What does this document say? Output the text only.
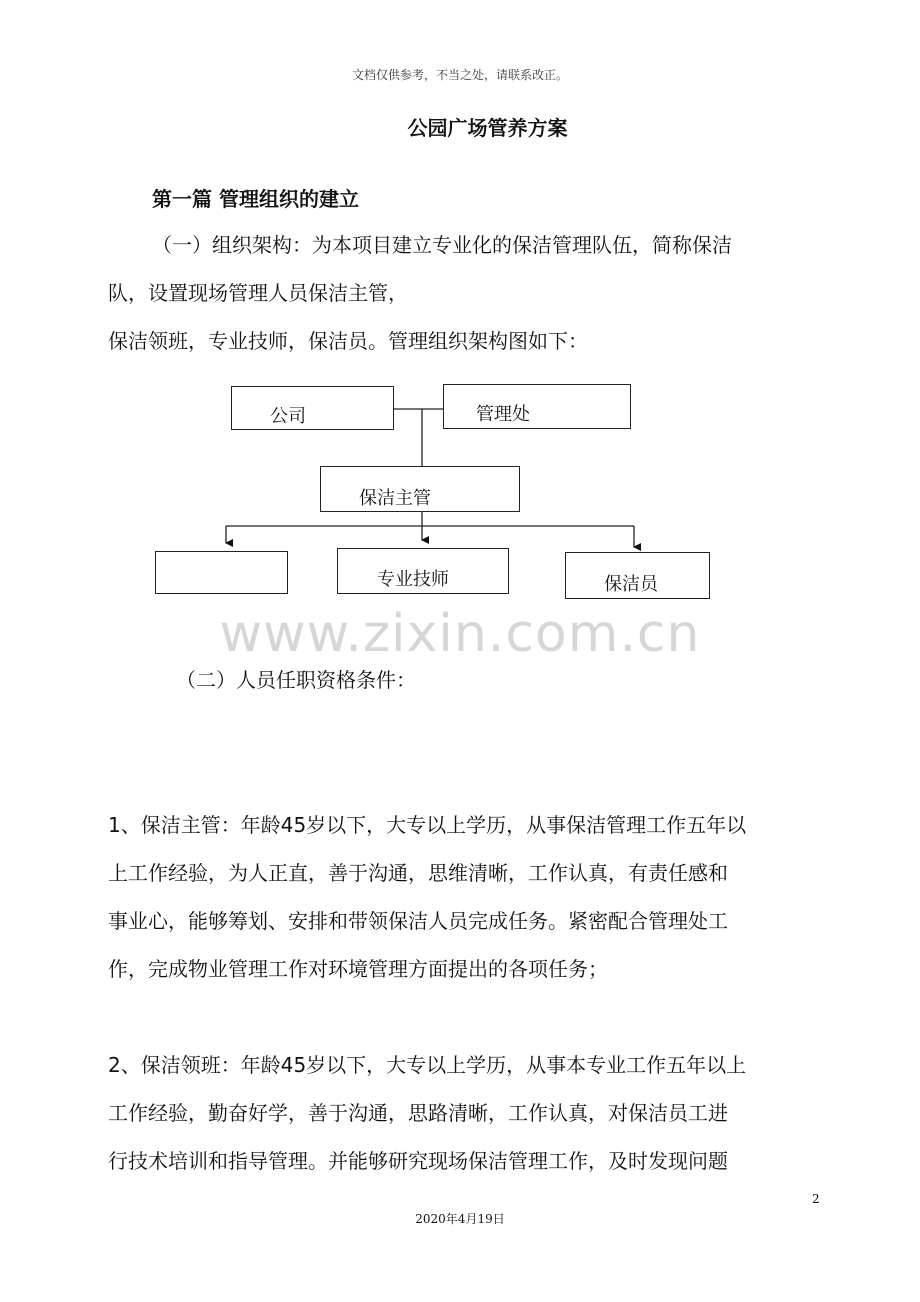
文档仅供参考，不当之处，请联系改正。
公园广场管养方案
第一篇 管理组织的建立
（一）组织架构：为本项目建立专业化的保洁管理队伍，简称保洁
队，设置现场管理人员保洁主管，
保洁领班，专业技师，保洁员。管理组织架构图如下：
公司	管理处
保洁主管
专业技师	保洁员
www.zixin.com.cn
（二）人员任职资格条件：
1、保洁主管：年龄45岁以下，大专以上学历，从事保洁管理工作五年以
上工作经验，为人正直，善于沟通，思维清晰，工作认真，有责任感和
事业心，能够筹划、安排和带领保洁人员完成任务。紧密配合管理处工
作，完成物业管理工作对环境管理方面提出的各项任务；
2、保洁领班：年龄45岁以下，大专以上学历，从事本专业工作五年以上
工作经验，勤奋好学，善于沟通，思路清晰，工作认真，对保洁员工进
行技术培训和指导管理。并能够研究现场保洁管理工作，及时发现问题
2
2020年4月19日
